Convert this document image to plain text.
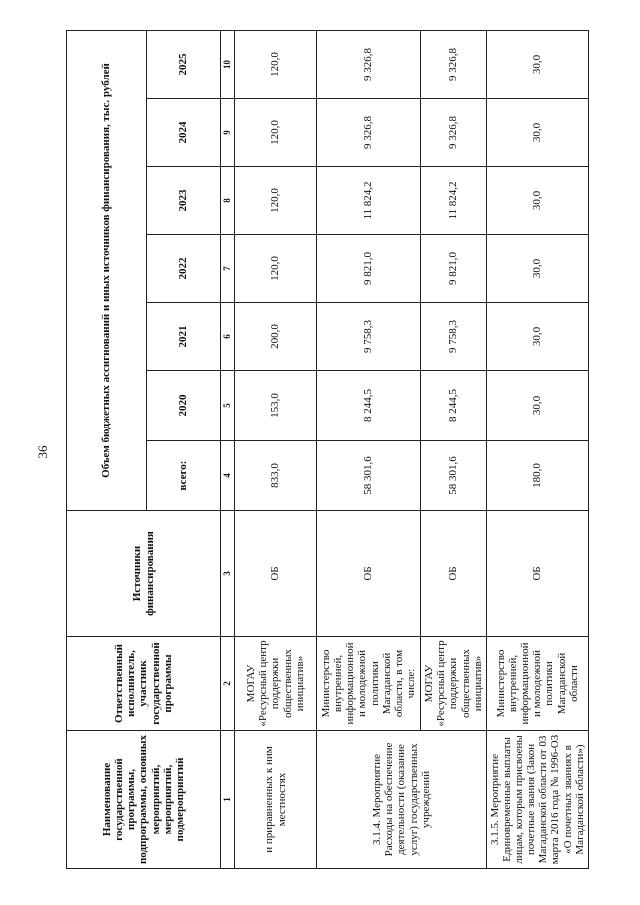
36
Наименование государственной программы, подпрограммы, основных мероприятий, мероприятий, подмероприятий	Ответственный исполнитель, участник государственной программы	Источники финансирования	Объем бюджетных ассигнований и иных источников финансирования, тыс. рублей						
			всего:	2020	2021	2022	2023	2024	2025
1	2	3	4	5	6	7	8	9	10
и приравненных к ним местностях	МОГАУ «Ресурсный центр поддержки общественных инициатив»	ОБ	833,0	153,0	200,0	120,0	120,0	120,0	120,0
3.1.4. Мероприятие Расходы на обеспечение деятельности (оказание услуг) государственных учреждений	Министерство внутренней, информационной и молодежной политики Магаданской области, в том числе:	ОБ	58 301,6	8 244,5	9 758,3	9 821,0	11 824,2	9 326,8	9 326,8
	МОГАУ «Ресурсный центр поддержки общественных инициатив»	ОБ	58 301,6	8 244,5	9 758,3	9 821,0	11 824,2	9 326,8	9 326,8
3.1.5. Мероприятие Единовременные выплаты лицам, которым присвоены почетные звания (Закон Магаданской области от 03 марта 2016 года № 1996-ОЗ «О почетных званиях в Магаданской области»)	Министерство внутренней, информационной и молодежной политики Магаданской области	ОБ	180,0	30,0	30,0	30,0	30,0	30,0	30,0
